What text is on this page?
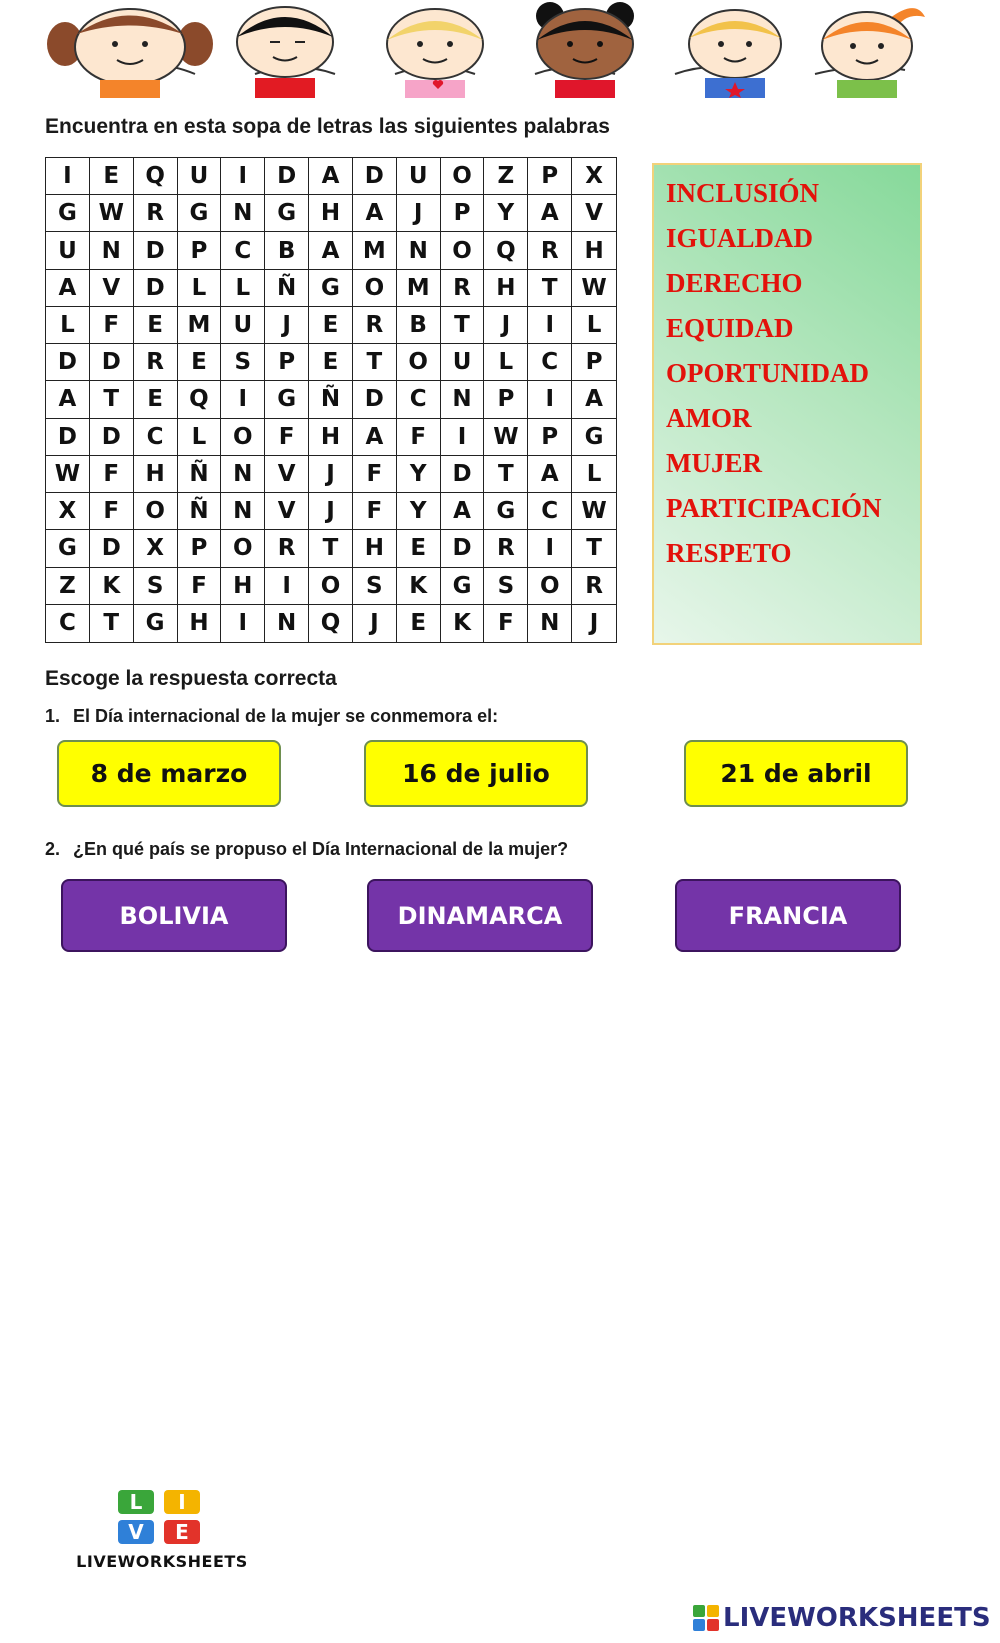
Encuentra en esta sopa de letras las siguientes palabras
I	E	Q	U	I	D	A	D	U	O	Z	P	X
G W R	G	N	G	H	A	J	P	Y	A	V
U	N	D	P	C	B	A	M N	O	Q	R	H
A	V	D	L	L	Ñ	G	O M	R	H	T	W
L	F	E	M	U	J	E	R	B	T	J	I	L
D	D	R	E	S	P	E	T	O	U	L	C	P
A	T	E	Q	I	G	Ñ	D	C	N	P	I	A
D	D	C	L	O	F	H	A	F	I	W P	G
W	F	H	Ñ	N	V	J	F	Y	D	T	A	L
X	F	O	Ñ	N	V	J	F	Y	A	G	C	W
G	D	X	P	O	R	T	H	E	D	R	I	T
Z	K	S	F	H	I	O	S	K	G	S	O	R
C	T	G	H	I	N	Q	J	E	K	F	N	J
INCLUSIÓN
IGUALDAD
DERECHO
EQUIDAD
OPORTUNIDAD
AMOR
MUJER
PARTICIPACIÓN
RESPETO
Escoge la respuesta correcta
1. El Día internacional de la mujer se conmemora el:
8 de marzo	16 de julio	21 de abril
2. ¿En qué país se propuso el Día Internacional de la mujer?
BOLIVIA	DINAMARCA	FRANCIA
L	I
V	E
LIVEWORKSHEETS
LIVEWORKSHEETS
